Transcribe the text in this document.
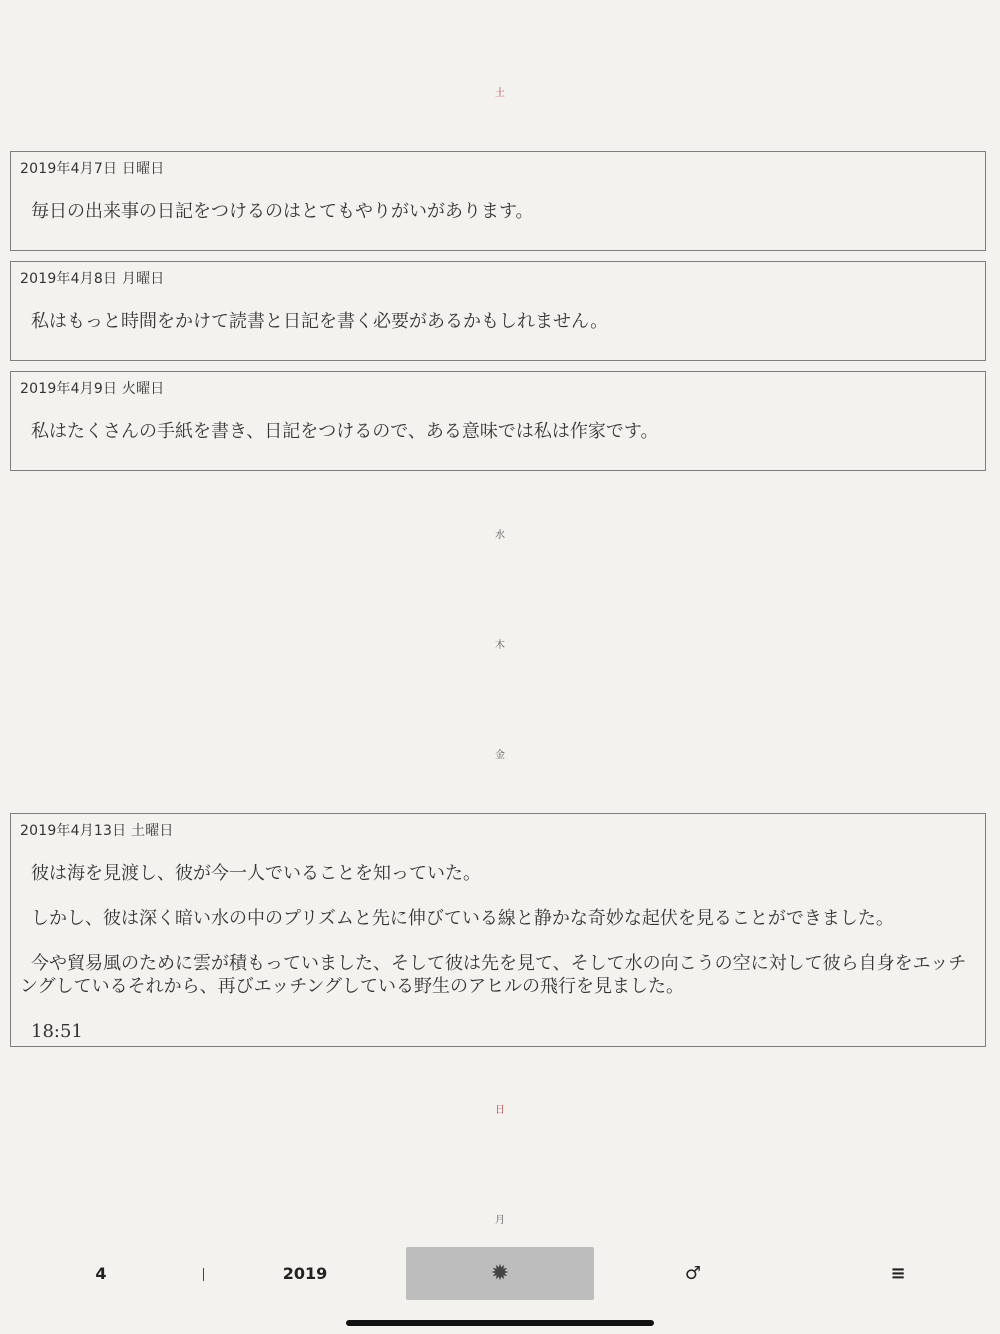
土
2019年4月7日 日曜日

毎日の出来事の日記をつけるのはとてもやりがいがあります。

2019年4月8日 月曜日

私はもっと時間をかけて読書と日記を書く必要があるかもしれません。

2019年4月9日 火曜日

私はたくさんの手紙を書き、日記をつけるので、ある意味では私は作家です。

水
木
金
2019年4月13日 土曜日

彼は海を見渡し、彼が今一人でいることを知っていた。

しかし、彼は深く暗い水の中のプリズムと先に伸びている線と静かな奇妙な起伏を見ることができました。

今や貿易風のために雲が積もっていました、そして彼は先を見て、そして水の向こうの空に対して彼ら自身をエッチングしているそれから、再びエッチングしている野生のアヒルの飛行を見ました。

18:51
日
月
4	2019	✹	♂	≡
